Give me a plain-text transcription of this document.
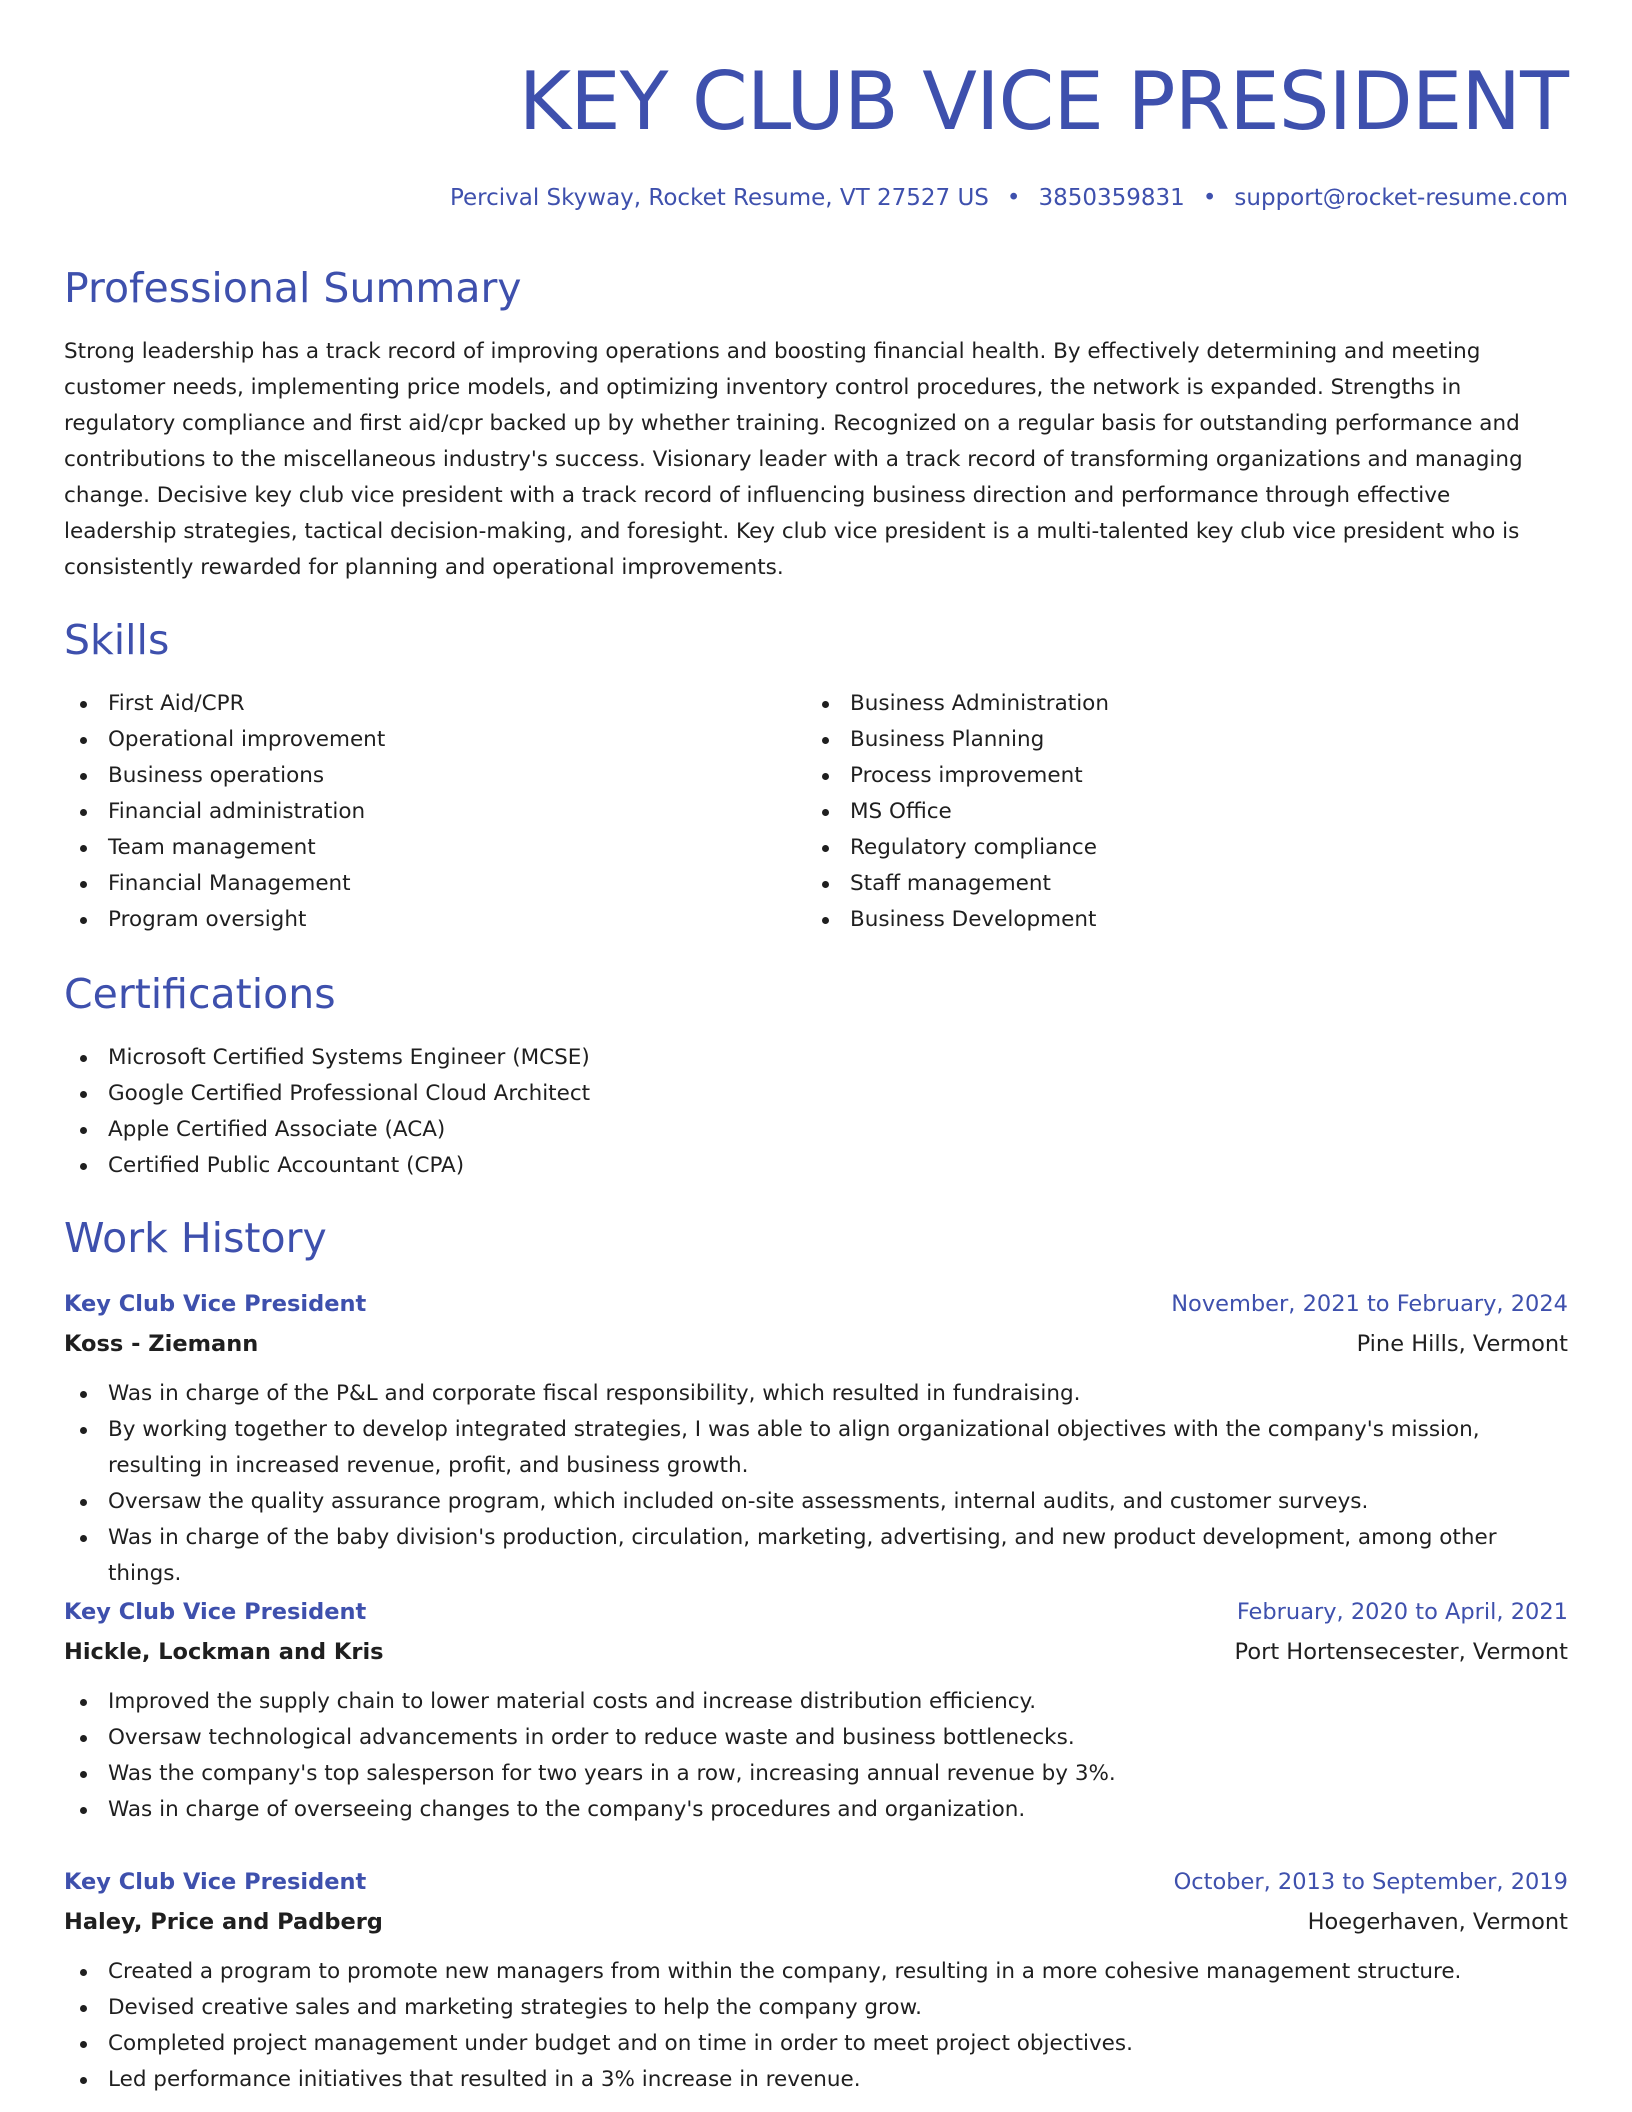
KEY CLUB VICE PRESIDENT
Percival Skyway, Rocket Resume, VT 27527 US • 3850359831 • support@rocket-resume.com
Professional Summary

Strong leadership has a track record of improving operations and boosting financial health. By effectively determining and meeting customer needs, implementing price models, and optimizing inventory control procedures, the network is expanded. Strengths in regulatory compliance and first aid/cpr backed up by whether training. Recognized on a regular basis for outstanding performance and contributions to the miscellaneous industry's success. Visionary leader with a track record of transforming organizations and managing change. Decisive key club vice president with a track record of influencing business direction and performance through effective leadership strategies, tactical decision-making, and foresight. Key club vice president is a multi-talented key club vice president who is consistently rewarded for planning and operational improvements.

Skills
First Aid/CPR
Operational improvement
Business operations
Financial administration
Team management
Financial Management
Program oversight
Business Administration
Business Planning
Process improvement
MS Office
Regulatory compliance
Staff management
Business Development
Certifications
Microsoft Certified Systems Engineer (MCSE)
Google Certified Professional Cloud Architect
Apple Certified Associate (ACA)
Certified Public Accountant (CPA)
Work History
Key Club Vice President	November, 2021 to February, 2024
Koss - Ziemann	Pine Hills, Vermont
Was in charge of the P&L and corporate fiscal responsibility, which resulted in fundraising.
By working together to develop integrated strategies, I was able to align organizational objectives with the company's mission, resulting in increased revenue, profit, and business growth.
Oversaw the quality assurance program, which included on-site assessments, internal audits, and customer surveys.
Was in charge of the baby division's production, circulation, marketing, advertising, and new product development, among other things.
Key Club Vice President	February, 2020 to April, 2021
Hickle, Lockman and Kris	Port Hortensecester, Vermont
Improved the supply chain to lower material costs and increase distribution efficiency.
Oversaw technological advancements in order to reduce waste and business bottlenecks.
Was the company's top salesperson for two years in a row, increasing annual revenue by 3%.
Was in charge of overseeing changes to the company's procedures and organization.
Key Club Vice President	October, 2013 to September, 2019
Haley, Price and Padberg	Hoegerhaven, Vermont
Created a program to promote new managers from within the company, resulting in a more cohesive management structure.
Devised creative sales and marketing strategies to help the company grow.
Completed project management under budget and on time in order to meet project objectives.
Led performance initiatives that resulted in a 3% increase in revenue.
